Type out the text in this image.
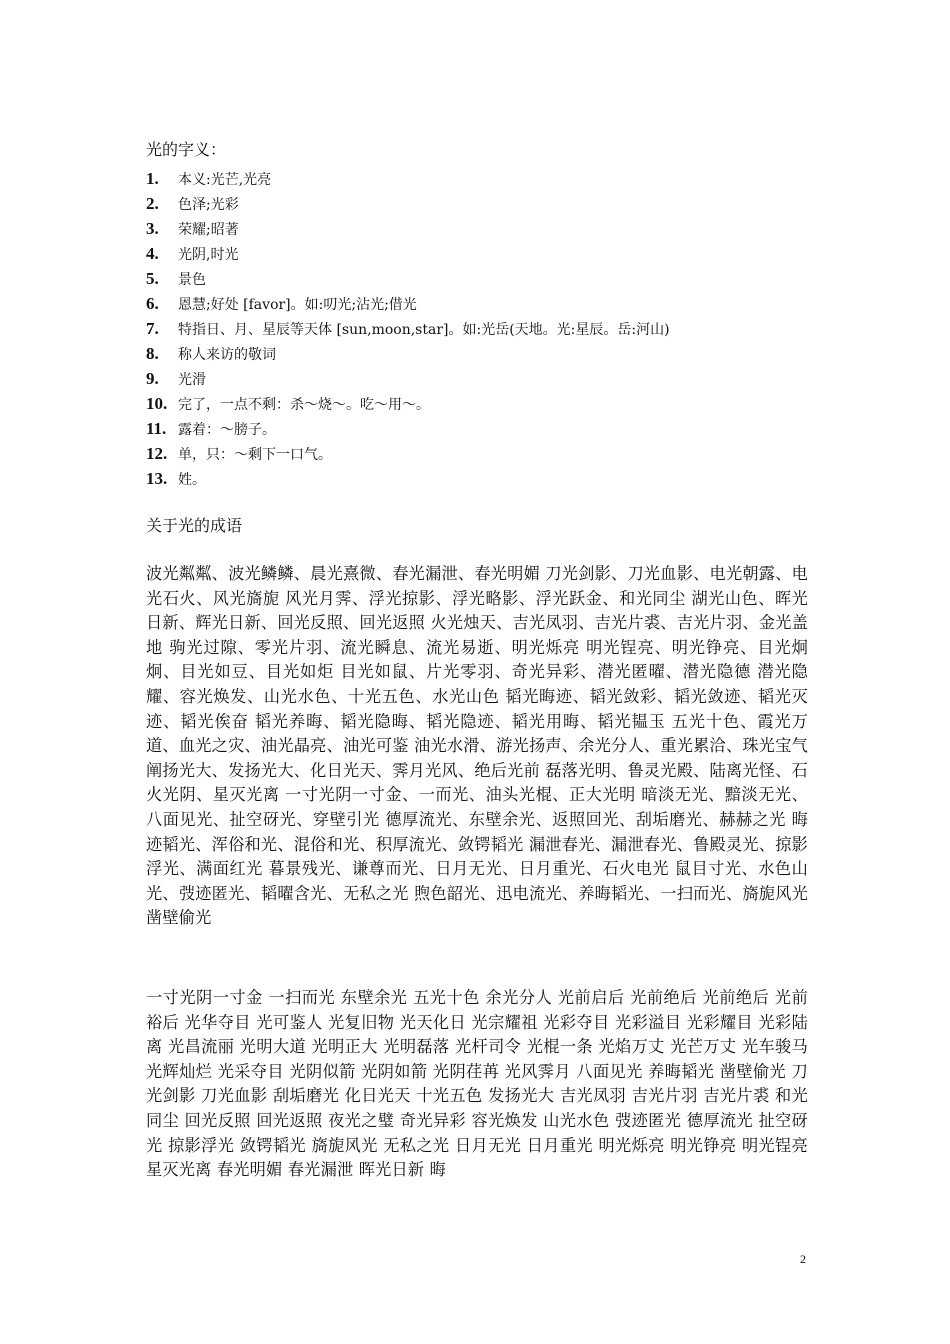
光的字义：
1.	本义:光芒,光亮
2.	色泽;光彩
3.	荣耀;昭著
4.	光阴,时光
5.	景色
6.	恩慧;好处 [favor]。如:叨光;沾光;借光
7.	特指日、月、星辰等天体 [sun,moon,star]。如:光岳(天地。光:星辰。岳:河山)
8.	称人来访的敬词
9.	光滑
10. 完了，一点不剩：杀～烧～。吃～用～。
11. 露着：～膀子。
12. 单，只：～剩下一口气。
13. 姓。
关于光的成语

波光粼粼、波光鳞鳞、晨光熹微、春光漏泄、春光明媚 刀光剑影、刀光血影、电光朝露、电光石火、风光旖旎 风光月霁、浮光掠影、浮光略影、浮光跃金、和光同尘 湖光山色、晖光日新、辉光日新、回光反照、回光返照 火光烛天、吉光凤羽、吉光片裘、吉光片羽、金光盖地 驹光过隙、零光片羽、流光瞬息、流光易逝、明光烁亮 明光锃亮、明光铮亮、目光炯炯、目光如豆、目光如炬 目光如鼠、片光零羽、奇光异彩、潜光匿曜、潜光隐德 潜光隐耀、容光焕发、山光水色、十光五色、水光山色 韬光晦迹、韬光敛彩、韬光敛迹、韬光灭迹、韬光俟奋 韬光养晦、韬光隐晦、韬光隐迹、韬光用晦、韬光韫玉 五光十色、霞光万道、血光之灾、油光晶亮、油光可鉴 油光水滑、游光扬声、余光分人、重光累洽、珠光宝气 阐扬光大、发扬光大、化日光天、霁月光风、绝后光前 磊落光明、鲁灵光殿、陆离光怪、石火光阴、星灭光离 一寸光阴一寸金、一而光、油头光棍、正大光明 暗淡无光、黯淡无光、八面见光、扯空砑光、穿壁引光 德厚流光、东壁余光、返照回光、刮垢磨光、赫赫之光 晦迹韬光、浑俗和光、混俗和光、积厚流光、敛锷韬光 漏泄春光、漏泄春光、鲁殿灵光、掠影浮光、满面红光 暮景残光、谦尊而光、日月无光、日月重光、石火电光 鼠目寸光、水色山光、弢迹匿光、韬曜含光、无私之光 煦色韶光、迅电流光、养晦韬光、一扫而光、旖旎风光 凿壁偷光

一寸光阴一寸金 一扫而光 东壁余光 五光十色 余光分人 光前启后 光前绝后 光前绝后 光前裕后 光华夺目 光可鉴人 光复旧物 光天化日 光宗耀祖 光彩夺目 光彩溢目 光彩耀目 光彩陆离 光昌流丽 光明大道 光明正大 光明磊落 光杆司令 光棍一条 光焰万丈 光芒万丈 光车骏马 光辉灿烂 光采夺目 光阴似箭 光阴如箭 光阴荏苒 光风霁月 八面见光 养晦韬光 凿壁偷光 刀光剑影 刀光血影 刮垢磨光 化日光天 十光五色 发扬光大 吉光凤羽 吉光片羽 吉光片裘 和光同尘 回光反照 回光返照 夜光之璧 奇光异彩 容光焕发 山光水色 弢迹匿光 德厚流光 扯空砑光 掠影浮光 敛锷韬光 旖旎风光 无私之光 日月无光 日月重光 明光烁亮 明光铮亮 明光锃亮 星灭光离 春光明媚 春光漏泄 晖光日新 晦

2
